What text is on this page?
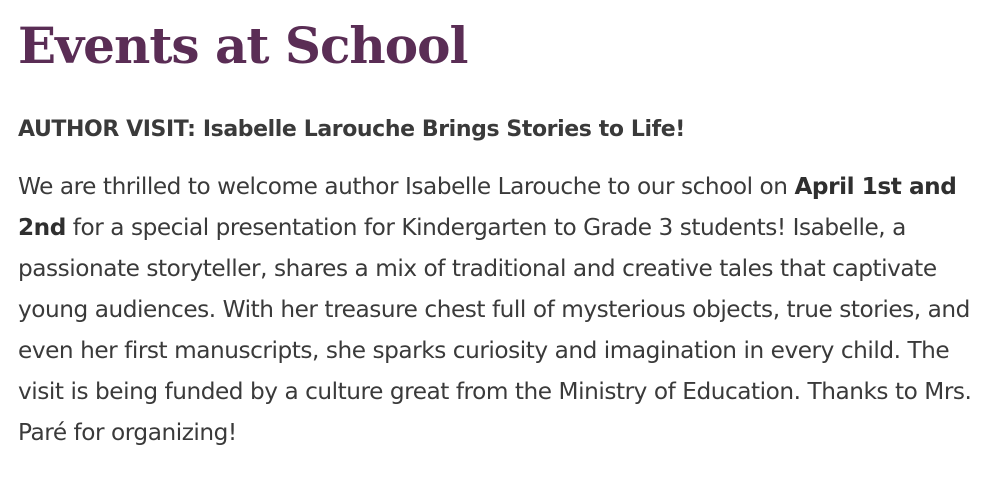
Events at School
AUTHOR VISIT: Isabelle Larouche Brings Stories to Life!

We are thrilled to welcome author Isabelle Larouche to our school on April 1st and 2nd for a special presentation for Kindergarten to Grade 3 students! Isabelle, a passionate storyteller, shares a mix of traditional and creative tales that captivate young audiences. With her treasure chest full of mysterious objects, true stories, and even her first manuscripts, she sparks curiosity and imagination in every child. The visit is being funded by a culture great from the Ministry of Education. Thanks to Mrs. Paré for organizing!
